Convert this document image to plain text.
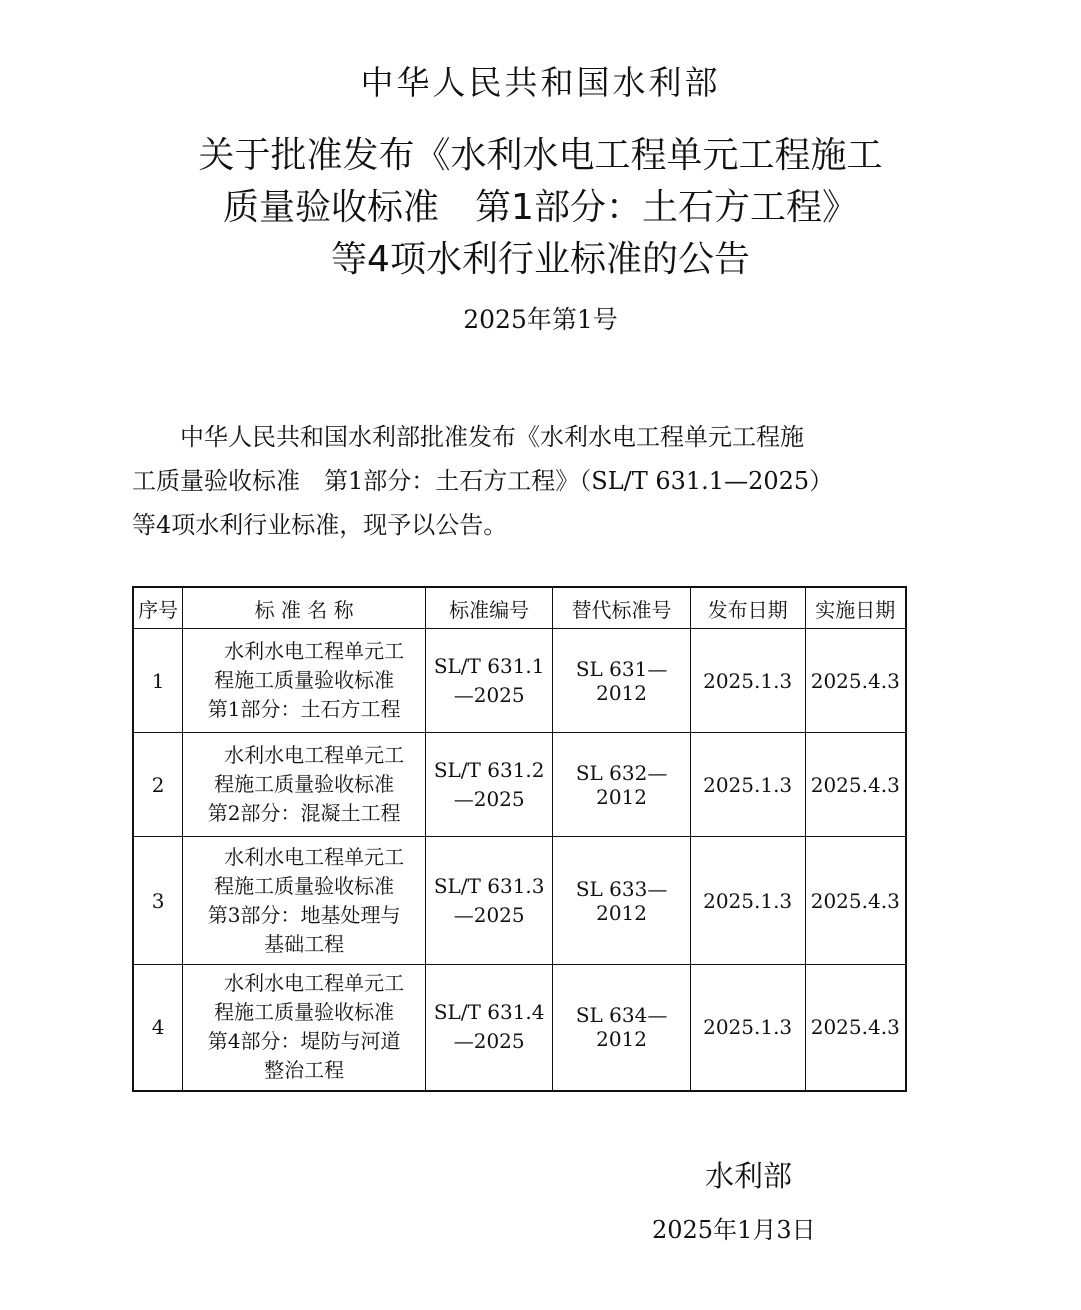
中华人民共和国水利部
关于批准发布《水利水电工程单元工程施工
质量验收标准　第1部分：土石方工程》
等4项水利行业标准的公告
2025年第1号
　　中华人民共和国水利部批准发布《水利水电工程单元工程施
工质量验收标准　第1部分：土石方工程》（SL/T 631.1—2025）
等4项水利行业标准，现予以公告。
序号	标 准 名 称	标准编号	替代标准号	发布日期	实施日期
1	　水利水电工程单元工
程施工质量验收标准
第1部分：土石方工程	SL/T 631.1
—2025	SL 631—2012	2025.1.3	2025.4.3
2	　水利水电工程单元工
程施工质量验收标准
第2部分：混凝土工程	SL/T 631.2
—2025	SL 632—2012	2025.1.3	2025.4.3
3	　水利水电工程单元工
程施工质量验收标准
第3部分：地基处理与
基础工程	SL/T 631.3
—2025	SL 633—2012	2025.1.3	2025.4.3
4	　水利水电工程单元工
程施工质量验收标准
第4部分：堤防与河道
整治工程	SL/T 631.4
—2025	SL 634—2012	2025.1.3	2025.4.3
水利部
2025年1月3日
